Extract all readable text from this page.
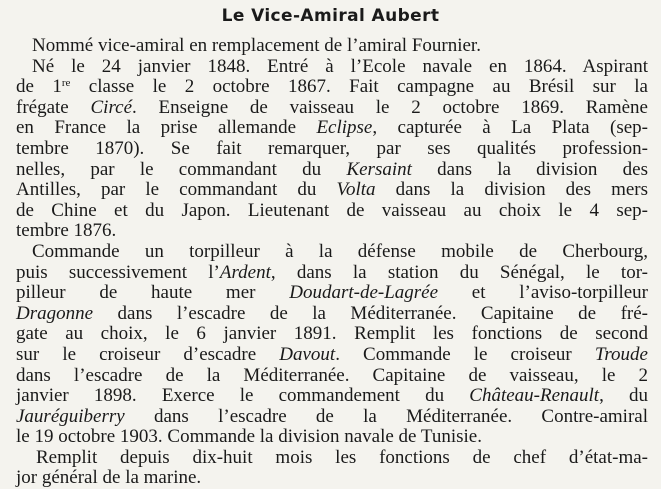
Le Vice-Amiral Aubert
Nommé vice-amiral en remplacement de l’amiral Fournier.
Né le 24 janvier 1848. Entré à l’Ecole navale en 1864. Aspirant
de 1re classe le 2 octobre 1867. Fait campagne au Brésil sur la
frégate Circé. Enseigne de vaisseau le 2 octobre 1869. Ramène
en France la prise allemande Eclipse, capturée à La Plata (sep-
tembre 1870). Se fait remarquer, par ses qualités profession-
nelles, par le commandant du Kersaint dans la division des
Antilles, par le commandant du Volta dans la division des mers
de Chine et du Japon. Lieutenant de vaisseau au choix le 4 sep-
tembre 1876.
Commande un torpilleur à la défense mobile de Cherbourg,
puis successivement l’Ardent, dans la station du Sénégal, le tor-
pilleur de haute mer Doudart-de-Lagrée et l’aviso-torpilleur
Dragonne dans l’escadre de la Méditerranée. Capitaine de fré-
gate au choix, le 6 janvier 1891. Remplit les fonctions de second
sur le croiseur d’escadre Davout. Commande le croiseur Troude
dans l’escadre de la Méditerranée. Capitaine de vaisseau, le 2
janvier 1898. Exerce le commandement du Château-Renault, du
Jauréguiberry dans l’escadre de la Méditerranée. Contre-amiral
le 19 octobre 1903. Commande la division navale de Tunisie.
Remplit depuis dix-huit mois les fonctions de chef d’état-ma-
jor général de la marine.
